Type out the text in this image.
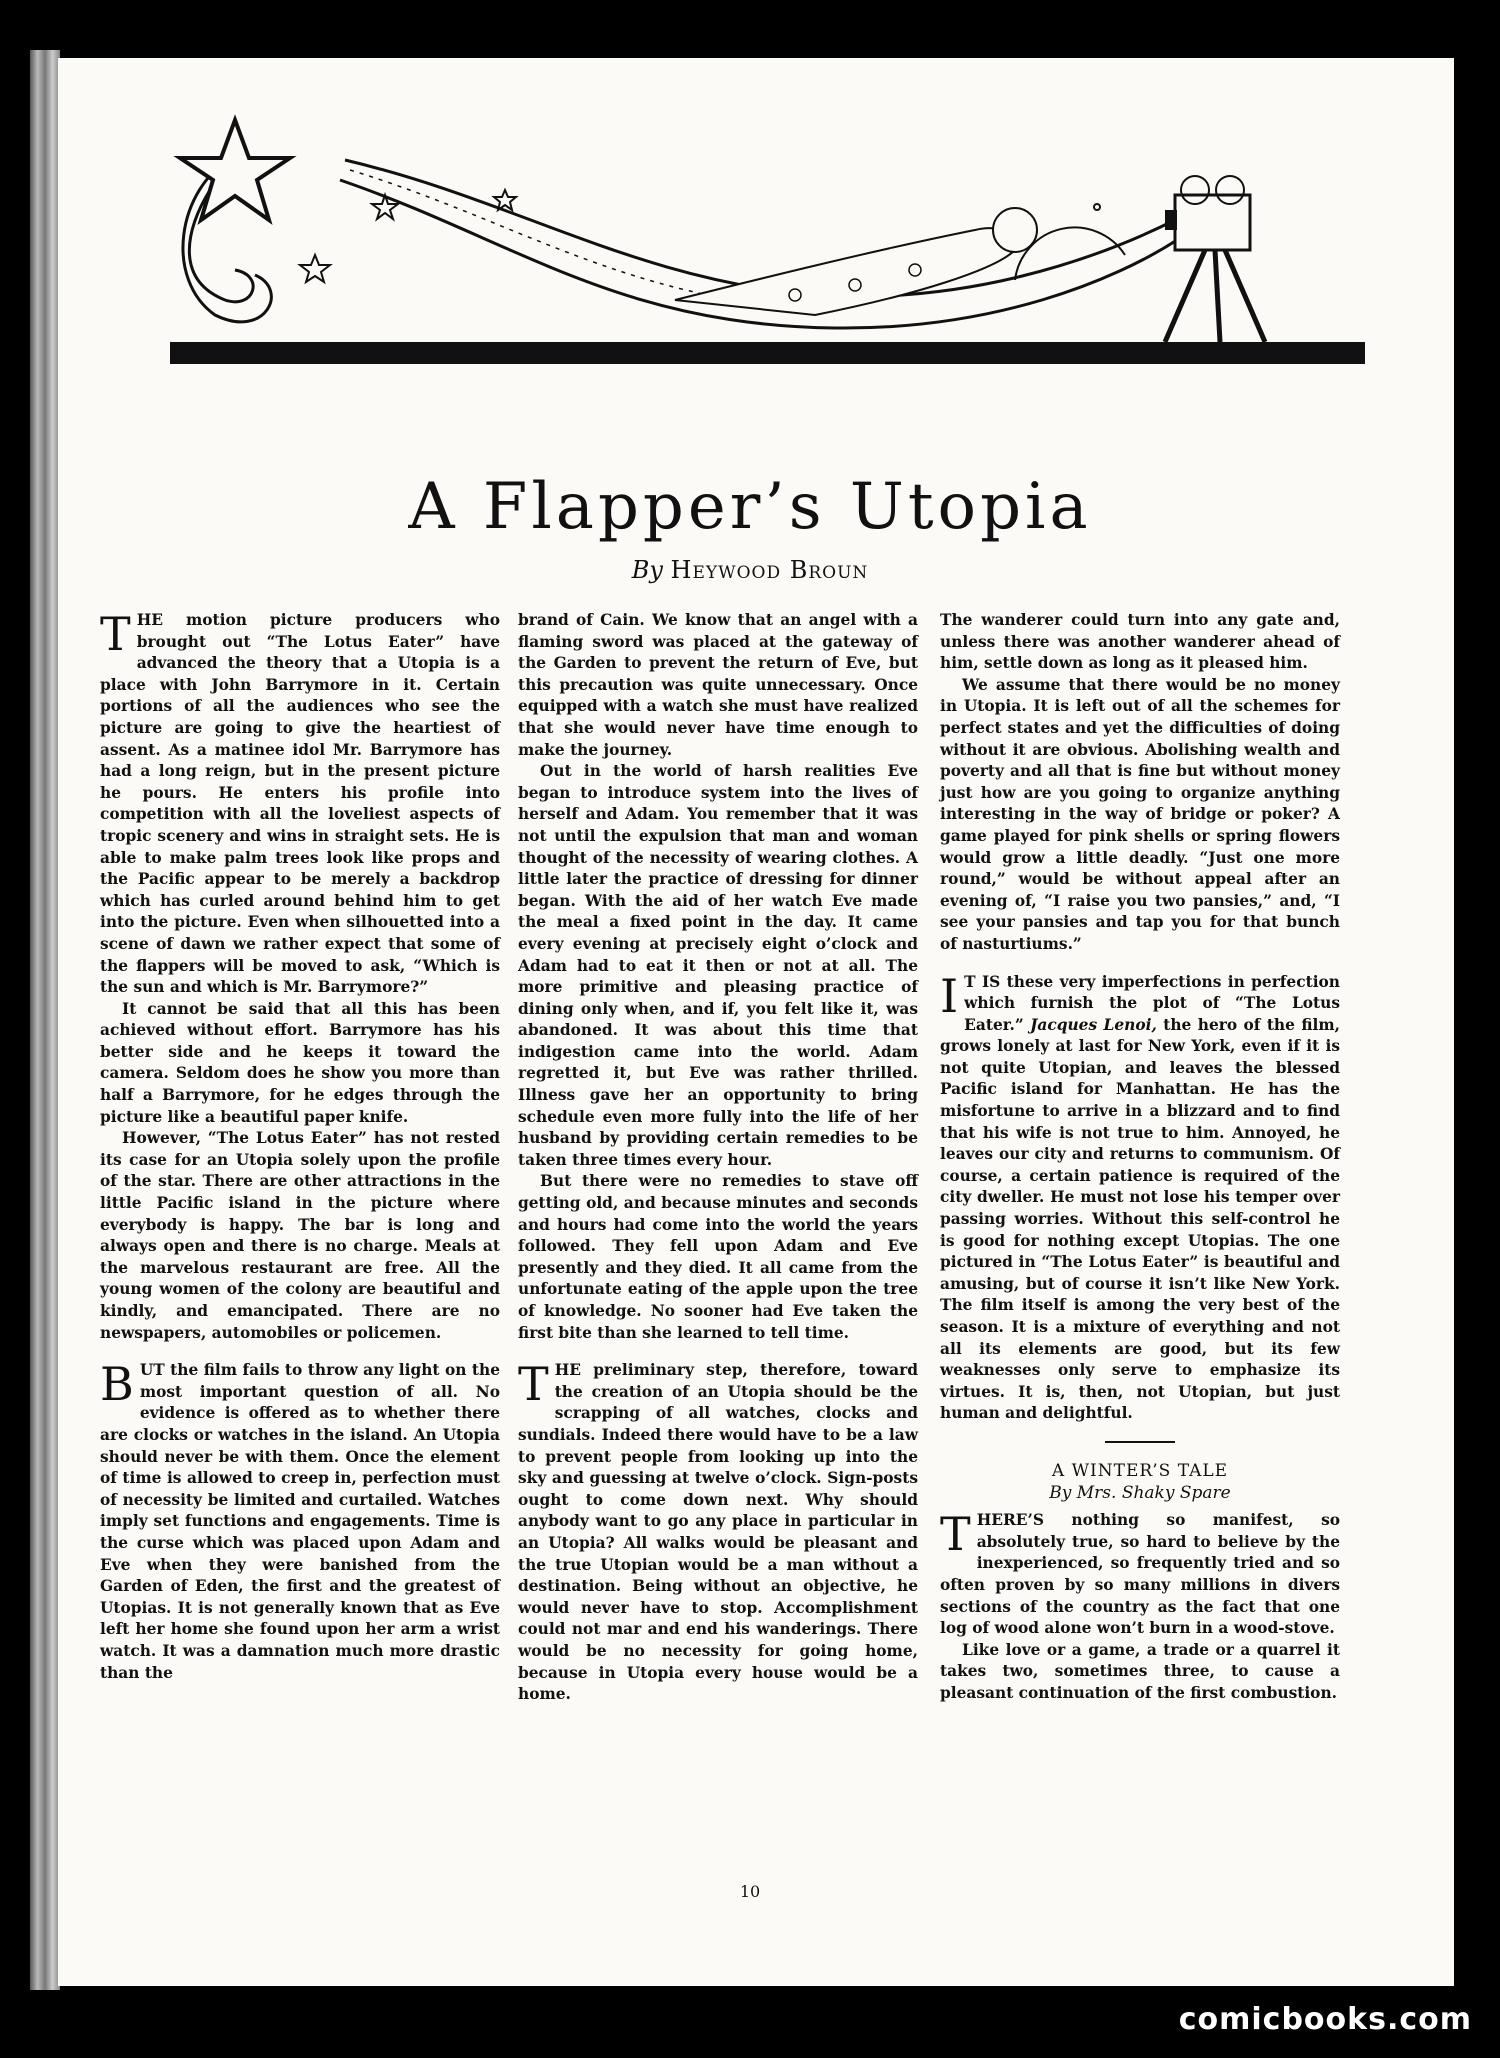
A Flapper’s Utopia
By Heywood Broun

THE motion picture producers who brought out “The Lotus Eater” have advanced the theory that a Utopia is a place with John Barrymore in it. Certain portions of all the audiences who see the picture are going to give the heartiest of assent. As a matinee idol Mr. Barrymore has had a long reign, but in the present picture he pours. He enters his profile into competition with all the loveliest aspects of tropic scenery and wins in straight sets. He is able to make palm trees look like props and the Pacific appear to be merely a backdrop which has curled around behind him to get into the picture. Even when silhouetted into a scene of dawn we rather expect that some of the flappers will be moved to ask, “Which is the sun and which is Mr. Barrymore?”

It cannot be said that all this has been achieved without effort. Barrymore has his better side and he keeps it toward the camera. Seldom does he show you more than half a Barrymore, for he edges through the picture like a beautiful paper knife.

However, “The Lotus Eater” has not rested its case for an Utopia solely upon the profile of the star. There are other attractions in the little Pacific island in the picture where everybody is happy. The bar is long and always open and there is no charge. Meals at the marvelous restaurant are free. All the young women of the colony are beautiful and kindly, and emancipated. There are no newspapers, automobiles or policemen.

BUT the film fails to throw any light on the most important question of all. No evidence is offered as to whether there are clocks or watches in the island. An Utopia should never be with them. Once the element of time is allowed to creep in, perfection must of necessity be limited and curtailed. Watches imply set functions and engagements. Time is the curse which was placed upon Adam and Eve when they were banished from the Garden of Eden, the first and the greatest of Utopias. It is not generally known that as Eve left her home she found upon her arm a wrist watch. It was a damnation much more drastic than the

brand of Cain. We know that an angel with a flaming sword was placed at the gateway of the Garden to prevent the return of Eve, but this precaution was quite unnecessary. Once equipped with a watch she must have realized that she would never have time enough to make the journey.

Out in the world of harsh realities Eve began to introduce system into the lives of herself and Adam. You remember that it was not until the expulsion that man and woman thought of the necessity of wearing clothes. A little later the practice of dressing for dinner began. With the aid of her watch Eve made the meal a fixed point in the day. It came every evening at precisely eight o’clock and Adam had to eat it then or not at all. The more primitive and pleasing practice of dining only when, and if, you felt like it, was abandoned. It was about this time that indigestion came into the world. Adam regretted it, but Eve was rather thrilled. Illness gave her an opportunity to bring schedule even more fully into the life of her husband by providing certain remedies to be taken three times every hour.

But there were no remedies to stave off getting old, and because minutes and seconds and hours had come into the world the years followed. They fell upon Adam and Eve presently and they died. It all came from the unfortunate eating of the apple upon the tree of knowledge. No sooner had Eve taken the first bite than she learned to tell time.

THE preliminary step, therefore, toward the creation of an Utopia should be the scrapping of all watches, clocks and sundials. Indeed there would have to be a law to prevent people from looking up into the sky and guessing at twelve o’clock. Sign-posts ought to come down next. Why should anybody want to go any place in particular in an Utopia? All walks would be pleasant and the true Utopian would be a man without a destination. Being without an objective, he would never have to stop. Accomplishment could not mar and end his wanderings. There would be no necessity for going home, because in Utopia every house would be a home.

The wanderer could turn into any gate and, unless there was another wanderer ahead of him, settle down as long as it pleased him.

We assume that there would be no money in Utopia. It is left out of all the schemes for perfect states and yet the difficulties of doing without it are obvious. Abolishing wealth and poverty and all that is fine but without money just how are you going to organize anything interesting in the way of bridge or poker? A game played for pink shells or spring flowers would grow a little deadly. “Just one more round,” would be without appeal after an evening of, “I raise you two pansies,” and, “I see your pansies and tap you for that bunch of nasturtiums.”

IT IS these very imperfections in perfection which furnish the plot of “The Lotus Eater.” Jacques Lenoi, the hero of the film, grows lonely at last for New York, even if it is not quite Utopian, and leaves the blessed Pacific island for Manhattan. He has the misfortune to arrive in a blizzard and to find that his wife is not true to him. Annoyed, he leaves our city and returns to communism. Of course, a certain patience is required of the city dweller. He must not lose his temper over passing worries. Without this self-control he is good for nothing except Utopias. The one pictured in “The Lotus Eater” is beautiful and amusing, but of course it isn’t like New York. The film itself is among the very best of the season. It is a mixture of everything and not all its elements are good, but its few weaknesses only serve to emphasize its virtues. It is, then, not Utopian, but just human and delightful.

A WINTER’S TALE
By Mrs. Shaky Spare

THERE’S nothing so manifest, so absolutely true, so hard to believe by the inexperienced, so frequently tried and so often proven by so many millions in divers sections of the country as the fact that one log of wood alone won’t burn in a wood-stove.

Like love or a game, a trade or a quarrel it takes two, sometimes three, to cause a pleasant continuation of the first combustion.

10
comicbooks.com
